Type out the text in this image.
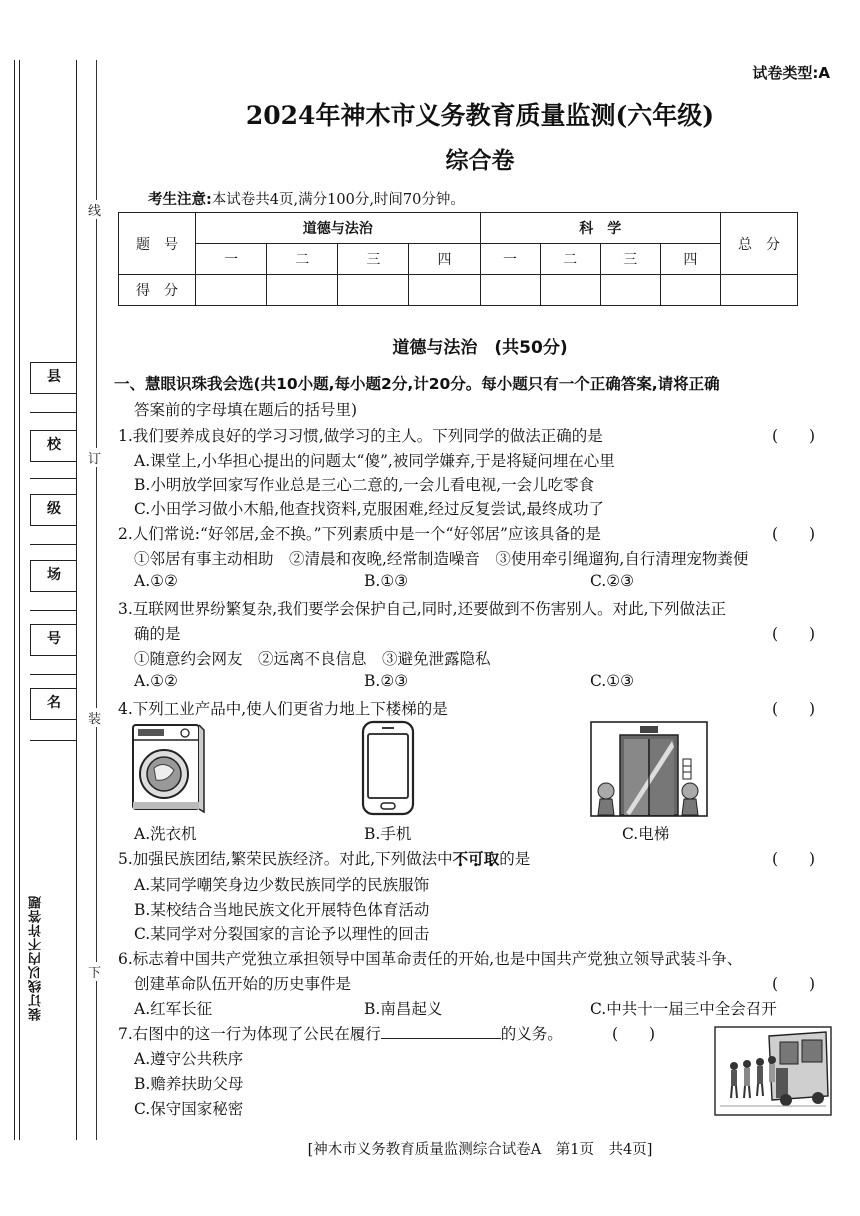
线
订
装
下
县
校
级
场
号
名
装订线以内不许答题
试卷类型:A
2024年神木市义务教育质量监测(六年级)
综合卷
考生注意:本试卷共4页,满分100分,时间70分钟。
题　号	道德与法治				科　学				总　分
	一	二	三	四	一	二	三	四	
得　分									
道德与法治　(共50分)
一、慧眼识珠我会选(共10小题,每小题2分,计20分。每小题只有一个正确答案,请将正确
答案前的字母填在题后的括号里)
1.我们要养成良好的学习习惯,做学习的主人。下列同学的做法正确的是	(　　)
A.课堂上,小华担心提出的问题太“傻”,被同学嫌弃,于是将疑问埋在心里
B.小明放学回家写作业总是三心二意的,一会儿看电视,一会儿吃零食
C.小田学习做小木船,他查找资料,克服困难,经过反复尝试,最终成功了
2.人们常说:“好邻居,金不换。”下列素质中是一个“好邻居”应该具备的是	(　　)
①邻居有事主动相助　②清晨和夜晚,经常制造噪音　③使用牵引绳遛狗,自行清理宠物粪便
A.①②	B.①③	C.②③
3.互联网世界纷繁复杂,我们要学会保护自己,同时,还要做到不伤害别人。对此,下列做法正
确的是	(　　)
①随意约会网友　②远离不良信息　③避免泄露隐私
A.①②	B.②③	C.①③
4.下列工业产品中,使人们更省力地上下楼梯的是	(　　)
A.洗衣机	B.手机	C.电梯
5.加强民族团结,繁荣民族经济。对此,下列做法中不可取的是	(　　)
A.某同学嘲笑身边少数民族同学的民族服饰
B.某校结合当地民族文化开展特色体育活动
C.某同学对分裂国家的言论予以理性的回击
6.标志着中国共产党独立承担领导中国革命责任的开始,也是中国共产党独立领导武装斗争、
创建革命队伍开始的历史事件是	(　　)
A.红军长征	B.南昌起义	C.中共十一届三中全会召开
7.右图中的这一行为体现了公民在履行	的义务。	(　　)
A.遵守公共秩序
B.赡养扶助父母
C.保守国家秘密
[神木市义务教育质量监测综合试卷A　第1页　共4页]
